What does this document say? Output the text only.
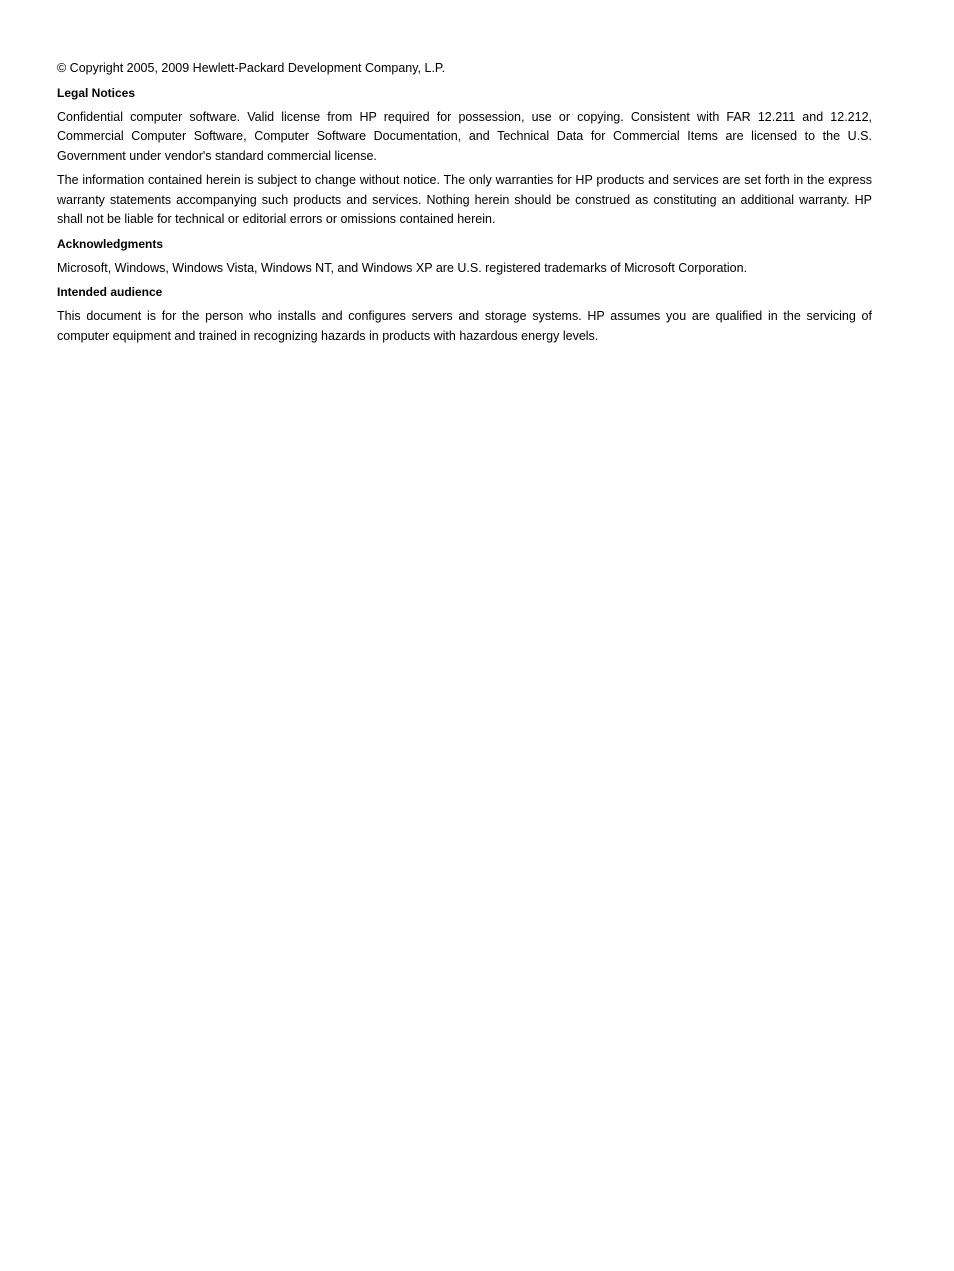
© Copyright 2005, 2009 Hewlett-Packard Development Company, L.P.

Legal Notices

Confidential computer software. Valid license from HP required for possession, use or copying. Consistent with FAR 12.211 and 12.212, Commercial Computer Software, Computer Software Documentation, and Technical Data for Commercial Items are licensed to the U.S. Government under vendor's standard commercial license.

The information contained herein is subject to change without notice. The only warranties for HP products and services are set forth in the express warranty statements accompanying such products and services. Nothing herein should be construed as constituting an additional warranty. HP shall not be liable for technical or editorial errors or omissions contained herein.

Acknowledgments

Microsoft, Windows, Windows Vista, Windows NT, and Windows XP are U.S. registered trademarks of Microsoft Corporation.

Intended audience

This document is for the person who installs and configures servers and storage systems. HP assumes you are qualified in the servicing of computer equipment and trained in recognizing hazards in products with hazardous energy levels.
